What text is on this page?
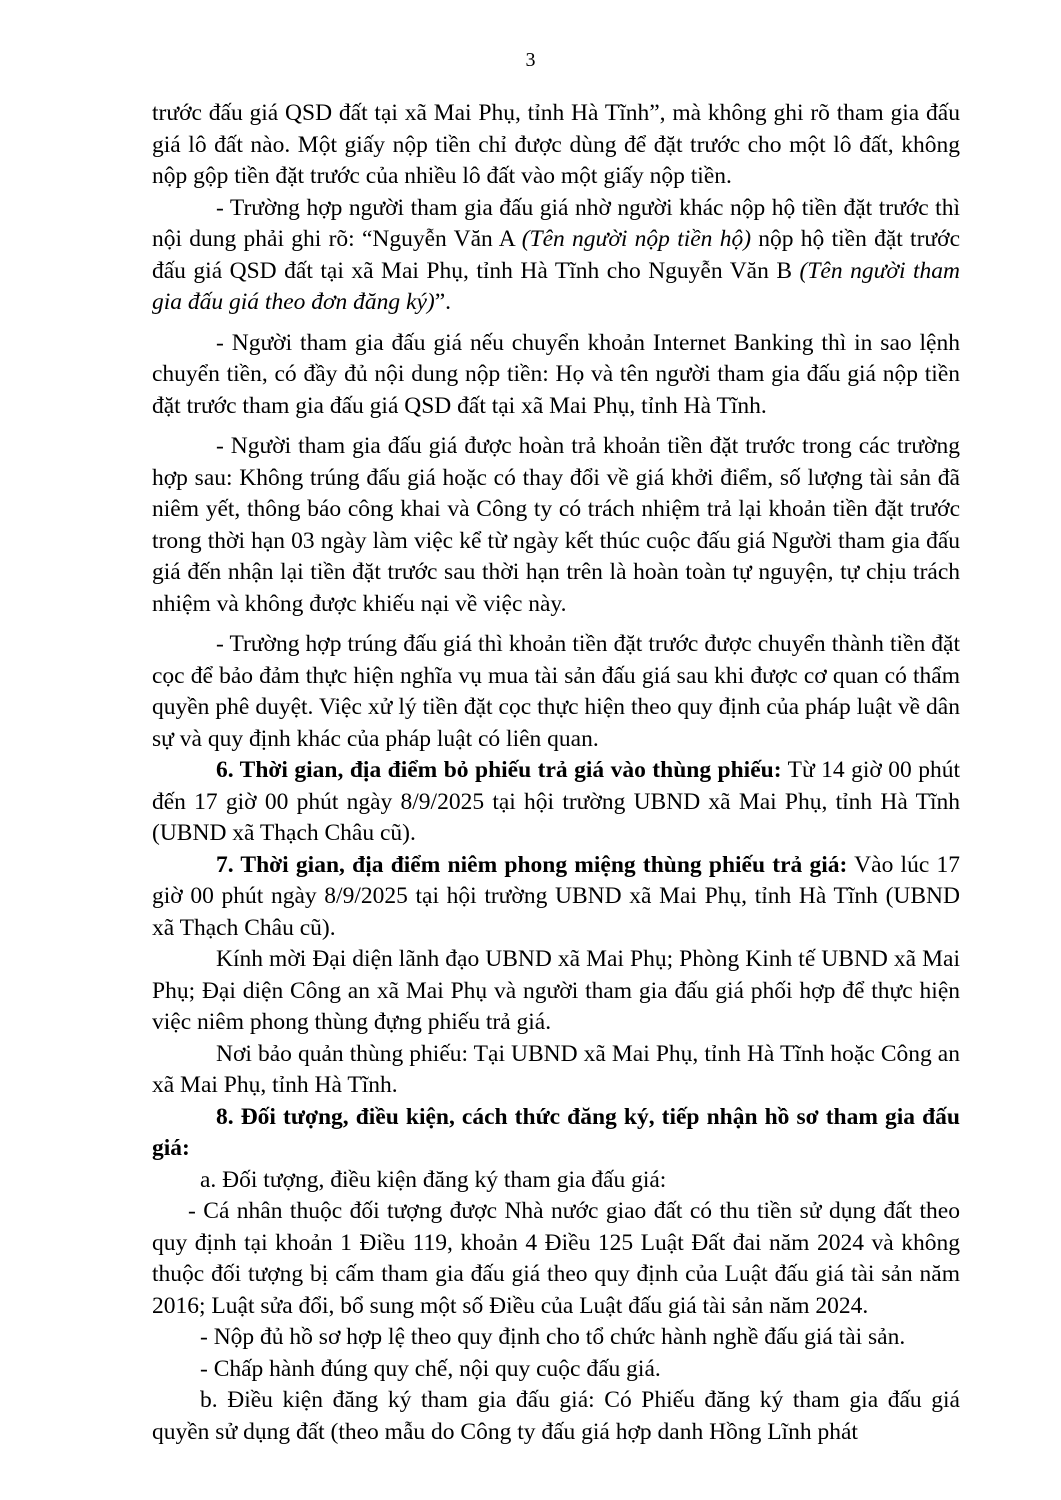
3

trước đấu giá QSD đất tại xã Mai Phụ, tỉnh Hà Tĩnh”, mà không ghi rõ tham gia đấu giá lô đất nào. Một giấy nộp tiền chỉ được dùng để đặt trước cho một lô đất, không nộp gộp tiền đặt trước của nhiều lô đất vào một giấy nộp tiền.

- Trường hợp người tham gia đấu giá nhờ người khác nộp hộ tiền đặt trước thì nội dung phải ghi rõ: “Nguyễn Văn A (Tên người nộp tiền hộ) nộp hộ tiền đặt trước đấu giá QSD đất tại xã Mai Phụ, tỉnh Hà Tĩnh cho Nguyễn Văn B (Tên người tham gia đấu giá theo đơn đăng ký)”.

- Người tham gia đấu giá nếu chuyển khoản Internet Banking thì in sao lệnh chuyển tiền, có đầy đủ nội dung nộp tiền: Họ và tên người tham gia đấu giá nộp tiền đặt trước tham gia đấu giá QSD đất tại xã Mai Phụ, tỉnh Hà Tĩnh.

- Người tham gia đấu giá được hoàn trả khoản tiền đặt trước trong các trường hợp sau: Không trúng đấu giá hoặc có thay đổi về giá khởi điểm, số lượng tài sản đã niêm yết, thông báo công khai và Công ty có trách nhiệm trả lại khoản tiền đặt trước trong thời hạn 03 ngày làm việc kể từ ngày kết thúc cuộc đấu giá Người tham gia đấu giá đến nhận lại tiền đặt trước sau thời hạn trên là hoàn toàn tự nguyện, tự chịu trách nhiệm và không được khiếu nại về việc này.

- Trường hợp trúng đấu giá thì khoản tiền đặt trước được chuyển thành tiền đặt cọc để bảo đảm thực hiện nghĩa vụ mua tài sản đấu giá sau khi được cơ quan có thẩm quyền phê duyệt. Việc xử lý tiền đặt cọc thực hiện theo quy định của pháp luật về dân sự và quy định khác của pháp luật có liên quan.

6. Thời gian, địa điểm bỏ phiếu trả giá vào thùng phiếu: Từ 14 giờ 00 phút đến 17 giờ 00 phút ngày 8/9/2025 tại hội trường UBND xã Mai Phụ, tỉnh Hà Tĩnh (UBND xã Thạch Châu cũ).

7. Thời gian, địa điểm niêm phong miệng thùng phiếu trả giá: Vào lúc 17 giờ 00 phút ngày 8/9/2025 tại hội trường UBND xã Mai Phụ, tỉnh Hà Tĩnh (UBND xã Thạch Châu cũ).

Kính mời Đại diện lãnh đạo UBND xã Mai Phụ; Phòng Kinh tế UBND xã Mai Phụ; Đại diện Công an xã Mai Phụ và người tham gia đấu giá phối hợp để thực hiện việc niêm phong thùng đựng phiếu trả giá.

Nơi bảo quản thùng phiếu: Tại UBND xã Mai Phụ, tỉnh Hà Tĩnh hoặc Công an xã Mai Phụ, tỉnh Hà Tĩnh.

8. Đối tượng, điều kiện, cách thức đăng ký, tiếp nhận hồ sơ tham gia đấu giá:

a. Đối tượng, điều kiện đăng ký tham gia đấu giá:

- Cá nhân thuộc đối tượng được Nhà nước giao đất có thu tiền sử dụng đất theo quy định tại khoản 1 Điều 119, khoản 4 Điều 125 Luật Đất đai năm 2024 và không thuộc đối tượng bị cấm tham gia đấu giá theo quy định của Luật đấu giá tài sản năm 2016; Luật sửa đổi, bổ sung một số Điều của Luật đấu giá tài sản năm 2024.

- Nộp đủ hồ sơ hợp lệ theo quy định cho tổ chức hành nghề đấu giá tài sản.

- Chấp hành đúng quy chế, nội quy cuộc đấu giá.

b. Điều kiện đăng ký tham gia đấu giá: Có Phiếu đăng ký tham gia đấu giá quyền sử dụng đất (theo mẫu do Công ty đấu giá hợp danh Hồng Lĩnh phát
